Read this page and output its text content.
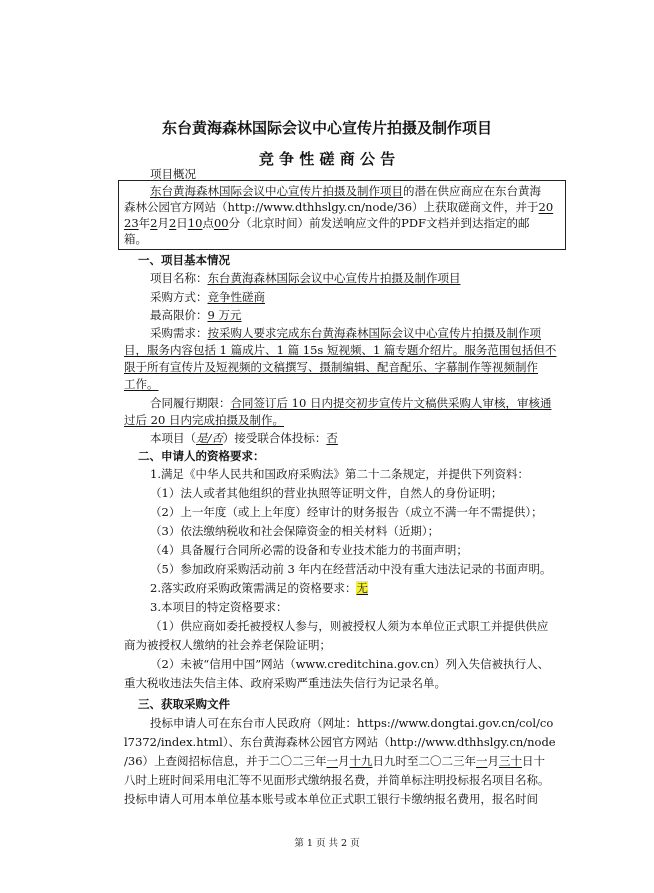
东台黄海森林国际会议中心宣传片拍摄及制作项目
竞 争 性 磋 商 公 告
项目概况
东台黄海森林国际会议中心宣传片拍摄及制作项目的潜在供应商应在东台黄海
森林公园官方网站（http://www.dthhslgy.cn/node/36）上获取磋商文件，并于20
23年2月2日10点00分（北京时间）前发送响应文件的PDF文档并到达指定的邮
箱。
一、项目基本情况
项目名称：东台黄海森林国际会议中心宣传片拍摄及制作项目
采购方式：竞争性磋商
最高限价：9 万元
采购需求：按采购人要求完成东台黄海森林国际会议中心宣传片拍摄及制作项
目，服务内容包括 1 篇成片、1 篇 15s 短视频、1 篇专题介绍片。服务范围包括但不
限于所有宣传片及短视频的文稿撰写、摄制编辑、配音配乐、字幕制作等视频制作
工作。
合同履行期限：合同签订后 10 日内提交初步宣传片文稿供采购人审核，审核通
过后 20 日内完成拍摄及制作。
本项目（是/否）接受联合体投标：否
二、申请人的资格要求：
1.满足《中华人民共和国政府采购法》第二十二条规定，并提供下列资料：
（1）法人或者其他组织的营业执照等证明文件，自然人的身份证明；
（2）上一年度（或上上年度）经审计的财务报告（成立不满一年不需提供）；
（3）依法缴纳税收和社会保障资金的相关材料（近期）；
（4）具备履行合同所必需的设备和专业技术能力的书面声明；
（5）参加政府采购活动前 3 年内在经营活动中没有重大违法记录的书面声明。
2.落实政府采购政策需满足的资格要求：无
3.本项目的特定资格要求：
（1）供应商如委托被授权人参与，则被授权人须为本单位正式职工并提供供应
商为被授权人缴纳的社会养老保险证明；
（2）未被“信用中国”网站（www.creditchina.gov.cn）列入失信被执行人、
重大税收违法失信主体、政府采购严重违法失信行为记录名单。
三、获取采购文件
投标申请人可在东台市人民政府（网址：https://www.dongtai.gov.cn/col/co
l7372/index.html）、东台黄海森林公园官方网站（http://www.dthhslgy.cn/node
/36）上查阅招标信息，并于二〇二三年一月十九日九时至二〇二三年一月三十日十
八时上班时间采用电汇等不见面形式缴纳报名费，并简单标注明投标报名项目名称。
投标申请人可用本单位基本账号或本单位正式职工银行卡缴纳报名费用，报名时间
第 1 页 共 2 页
